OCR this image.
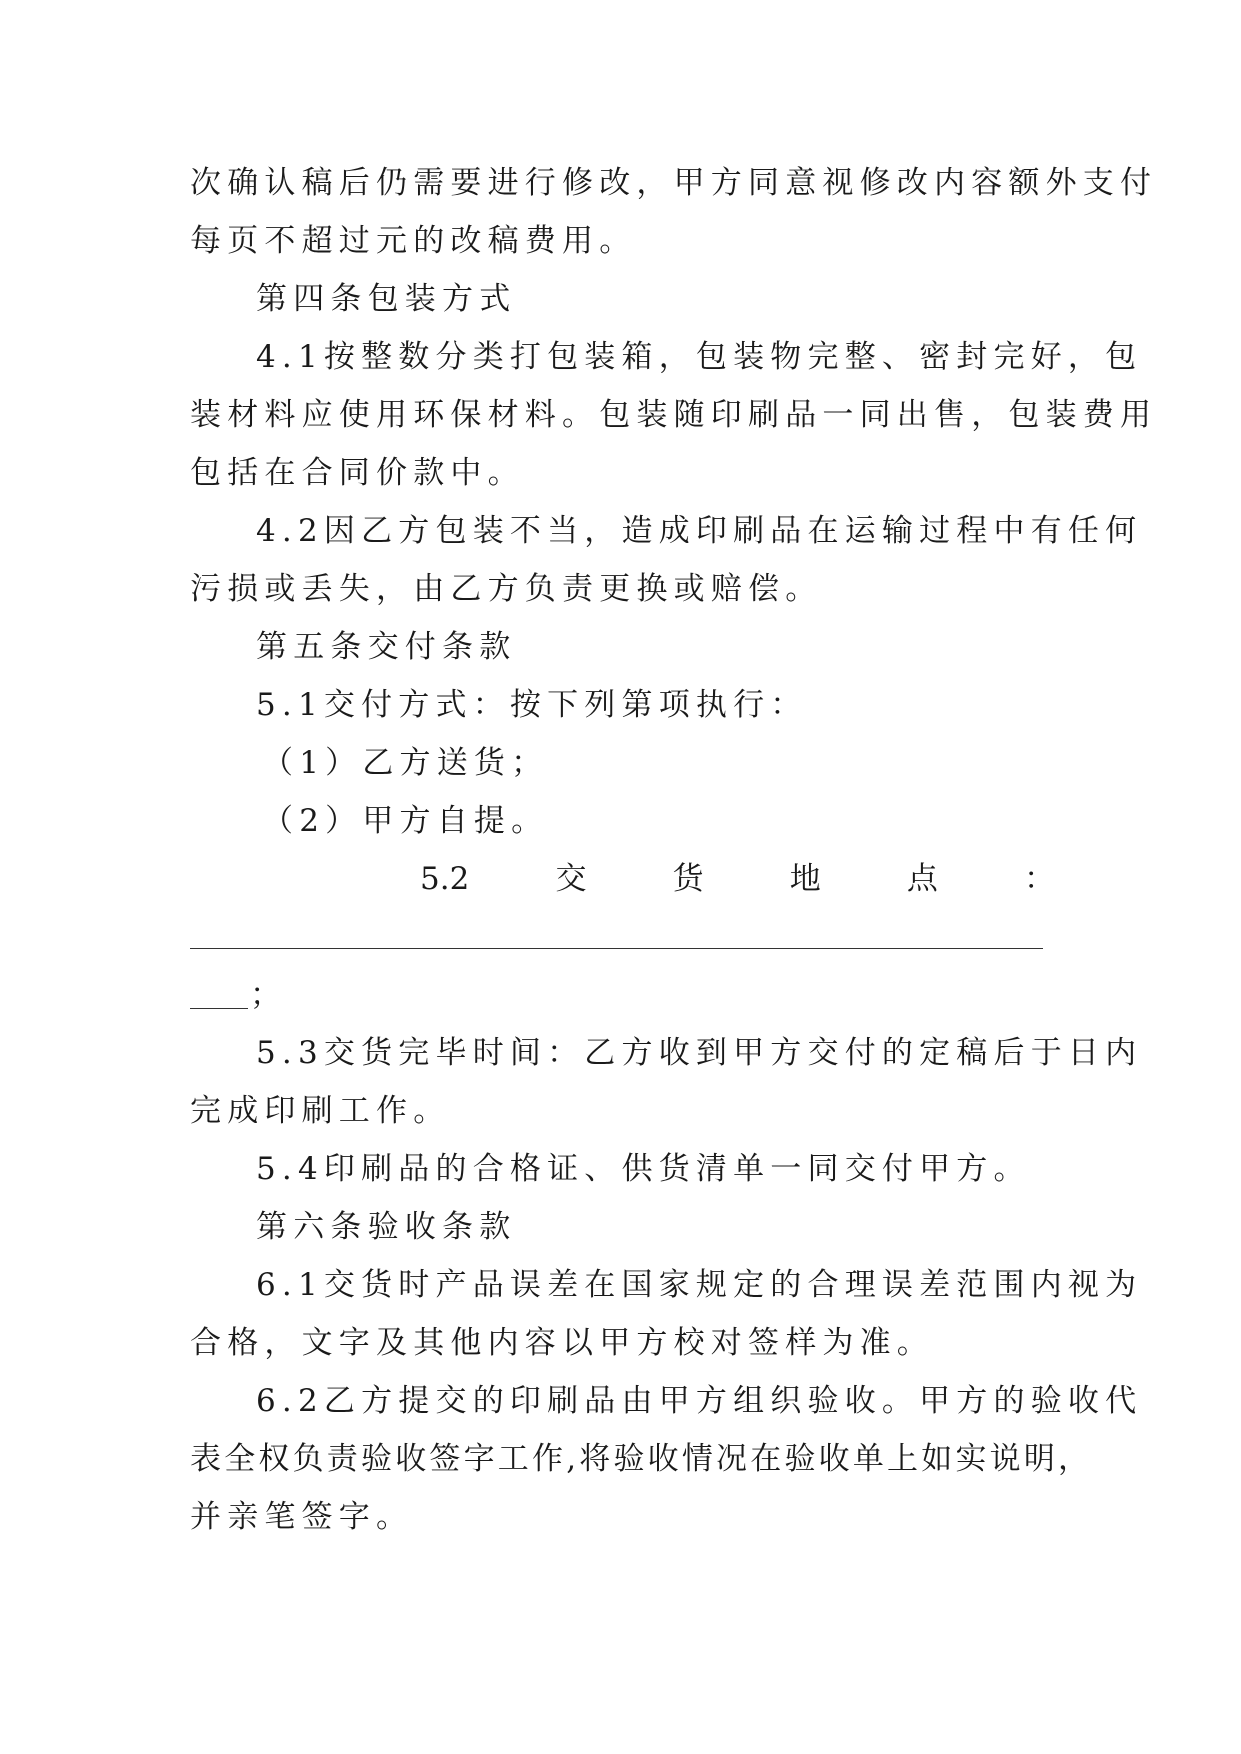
次确认稿后仍需要进行修改，甲方同意视修改内容额外支付
每页不超过元的改稿费用。
第四条包装方式
4.1按整数分类打包装箱，包装物完整、密封完好，包
装材料应使用环保材料。包装随印刷品一同出售，包装费用
包括在合同价款中。
4.2因乙方包装不当，造成印刷品在运输过程中有任何
污损或丢失，由乙方负责更换或赔偿。
第五条交付条款
5.1交付方式：按下列第项执行：
（1）乙方送货；
（2）甲方自提。
5.2	交	货	地	点	：
；
5.3交货完毕时间：乙方收到甲方交付的定稿后于日内
完成印刷工作。
5.4印刷品的合格证、供货清单一同交付甲方。
第六条验收条款
6.1交货时产品误差在国家规定的合理误差范围内视为
合格，文字及其他内容以甲方校对签样为准。
6.2乙方提交的印刷品由甲方组织验收。甲方的验收代
表全权负责验收签字工作,将验收情况在验收单上如实说明，
并亲笔签字。
